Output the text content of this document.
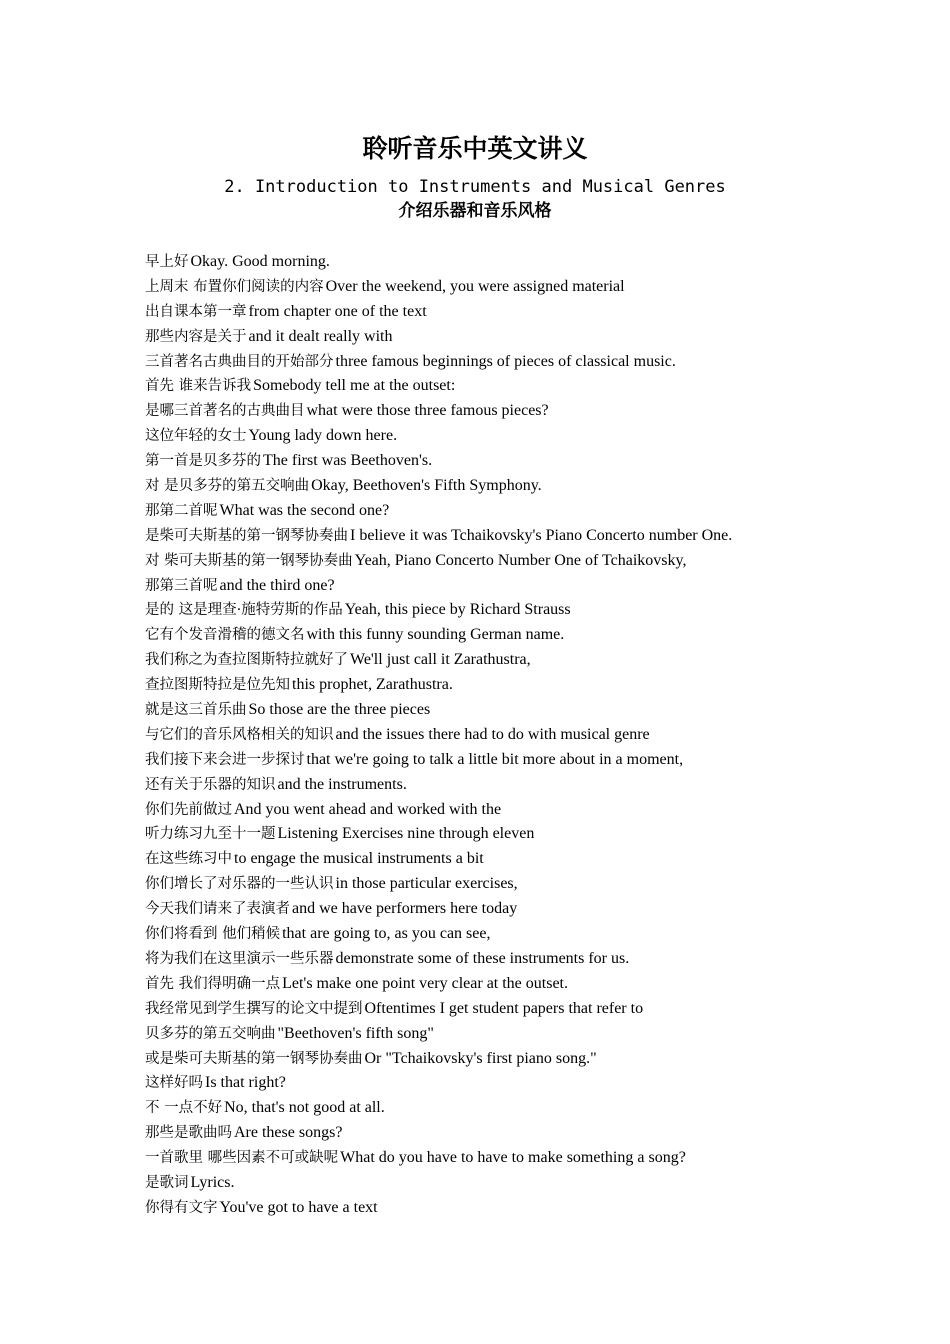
聆听音乐中英文讲义
2. Introduction to Instruments and Musical Genres
介绍乐器和音乐风格
早上好 Okay. Good morning.
上周末 布置你们阅读的内容 Over the weekend, you were assigned material
出自课本第一章 from chapter one of the text
那些内容是关于 and it dealt really with
三首著名古典曲目的开始部分 three famous beginnings of pieces of classical music.
首先 谁来告诉我 Somebody tell me at the outset:
是哪三首著名的古典曲目 what were those three famous pieces?
这位年轻的女士 Young lady down here.
第一首是贝多芬的 The first was Beethoven's.
对 是贝多芬的第五交响曲 Okay, Beethoven's Fifth Symphony.
那第二首呢 What was the second one?
是柴可夫斯基的第一钢琴协奏曲 I believe it was Tchaikovsky's Piano Concerto number One.
对 柴可夫斯基的第一钢琴协奏曲 Yeah, Piano Concerto Number One of Tchaikovsky,
那第三首呢 and the third one?
是的 这是理查·施特劳斯的作品 Yeah, this piece by Richard Strauss
它有个发音滑稽的德文名 with this funny sounding German name.
我们称之为查拉图斯特拉就好了 We'll just call it Zarathustra,
查拉图斯特拉是位先知 this prophet, Zarathustra.
就是这三首乐曲 So those are the three pieces
与它们的音乐风格相关的知识 and the issues there had to do with musical genre
我们接下来会进一步探讨 that we're going to talk a little bit more about in a moment,
还有关于乐器的知识 and the instruments.
你们先前做过 And you went ahead and worked with the
听力练习九至十一题 Listening Exercises nine through eleven
在这些练习中 to engage the musical instruments a bit
你们增长了对乐器的一些认识 in those particular exercises,
今天我们请来了表演者 and we have performers here today
你们将看到 他们稍候 that are going to, as you can see,
将为我们在这里演示一些乐器 demonstrate some of these instruments for us.
首先 我们得明确一点 Let's make one point very clear at the outset.
我经常见到学生撰写的论文中提到 Oftentimes I get student papers that refer to
贝多芬的第五交响曲 "Beethoven's fifth song"
或是柴可夫斯基的第一钢琴协奏曲 Or "Tchaikovsky's first piano song."
这样好吗 Is that right?
不 一点不好 No, that's not good at all.
那些是歌曲吗 Are these songs?
一首歌里 哪些因素不可或缺呢 What do you have to have to make something a song?
是歌词 Lyrics.
你得有文字 You've got to have a text
